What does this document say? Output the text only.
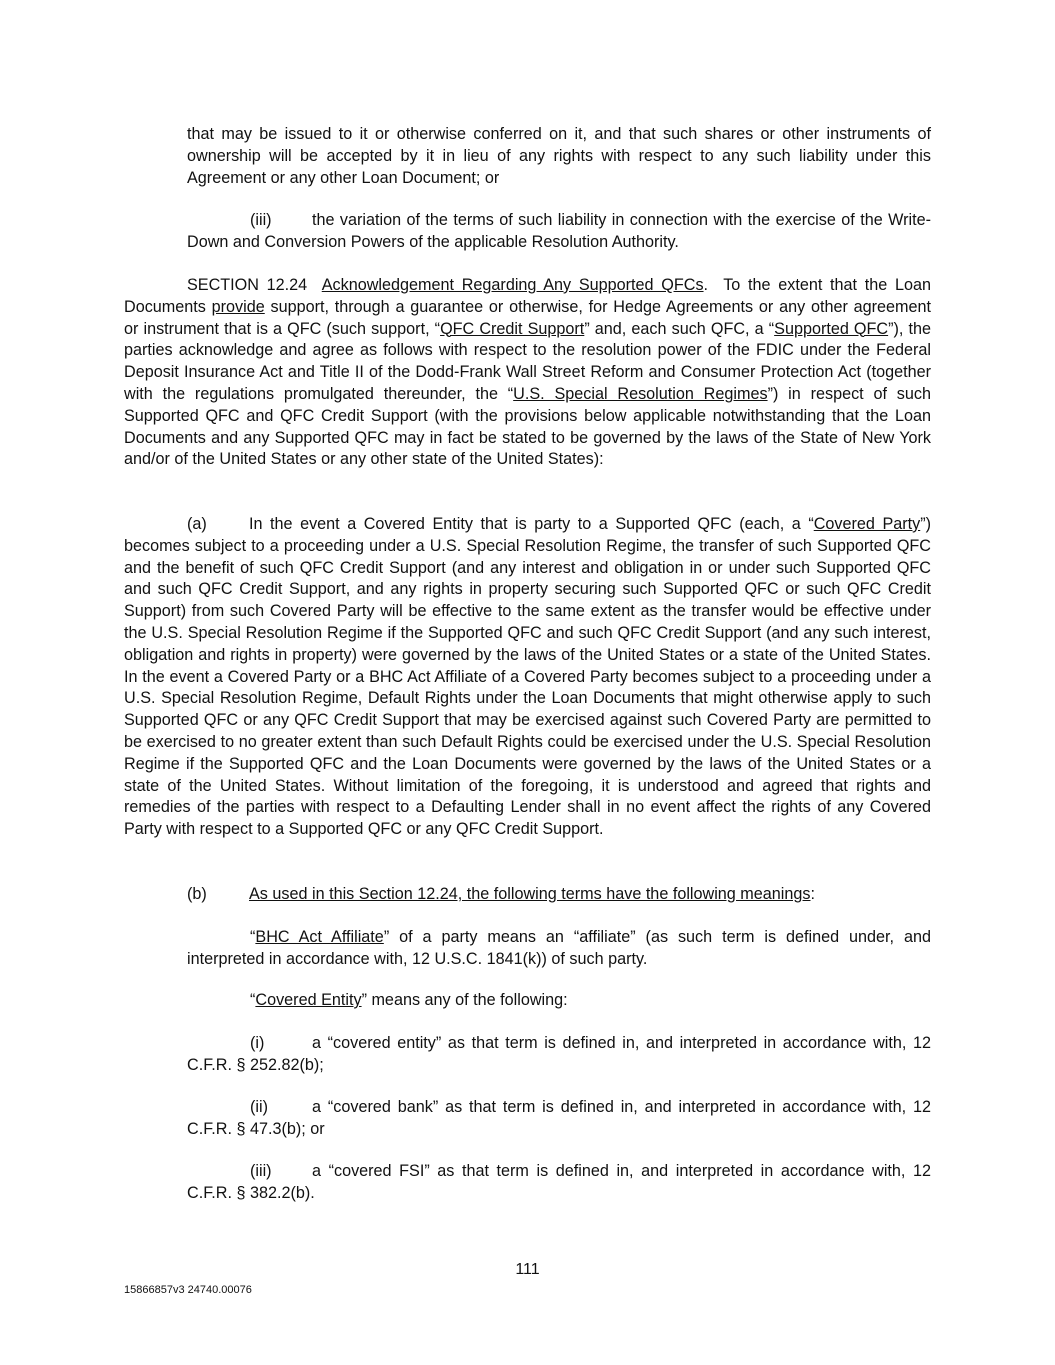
that may be issued to it or otherwise conferred on it, and that such shares or other instruments of ownership will be accepted by it in lieu of any rights with respect to any such liability under this Agreement or any other Loan Document; or

(iii) the variation of the terms of such liability in connection with the exercise of the Write-Down and Conversion Powers of the applicable Resolution Authority.

SECTION 12.24 Acknowledgement Regarding Any Supported QFCs. To the extent that the Loan Documents provide support, through a guarantee or otherwise, for Hedge Agreements or any other agreement or instrument that is a QFC (such support, “QFC Credit Support” and, each such QFC, a “Supported QFC”), the parties acknowledge and agree as follows with respect to the resolution power of the FDIC under the Federal Deposit Insurance Act and Title II of the Dodd-Frank Wall Street Reform and Consumer Protection Act (together with the regulations promulgated thereunder, the “U.S. Special Resolution Regimes”) in respect of such Supported QFC and QFC Credit Support (with the provisions below applicable notwithstanding that the Loan Documents and any Supported QFC may in fact be stated to be governed by the laws of the State of New York and/or of the United States or any other state of the United States):

(a)	In the event a Covered Entity that is party to a Supported QFC (each, a “Covered Party”) becomes subject to a proceeding under a U.S. Special Resolution Regime, the transfer of such Supported QFC and the benefit of such QFC Credit Support (and any interest and obligation in or under such Supported QFC and such QFC Credit Support, and any rights in property securing such Supported QFC or such QFC Credit Support) from such Covered Party will be effective to the same extent as the transfer would be effective under the U.S. Special Resolution Regime if the Supported QFC and such QFC Credit Support (and any such interest, obligation and rights in property) were governed by the laws of the United States or a state of the United States. In the event a Covered Party or a BHC Act Affiliate of a Covered Party becomes subject to a proceeding under a U.S. Special Resolution Regime, Default Rights under the Loan Documents that might otherwise apply to such Supported QFC or any QFC Credit Support that may be exercised against such Covered Party are permitted to be exercised to no greater extent than such Default Rights could be exercised under the U.S. Special Resolution Regime if the Supported QFC and the Loan Documents were governed by the laws of the United States or a state of the United States. Without limitation of the foregoing, it is understood and agreed that rights and remedies of the parties with respect to a Defaulting Lender shall in no event affect the rights of any Covered Party with respect to a Supported QFC or any QFC Credit Support.

(b)	As used in this Section 12.24, the following terms have the following meanings:

“BHC Act Affiliate” of a party means an “affiliate” (as such term is defined under, and interpreted in accordance with, 12 U.S.C. 1841(k)) of such party.

“Covered Entity” means any of the following:

(i)	a “covered entity” as that term is defined in, and interpreted in accordance with, 12 C.F.R. § 252.82(b);

(ii)	a “covered bank” as that term is defined in, and interpreted in accordance with, 12 C.F.R. § 47.3(b); or

(iii) a “covered FSI” as that term is defined in, and interpreted in accordance with, 12 C.F.R. § 382.2(b).

111
15866857v3 24740.00076
